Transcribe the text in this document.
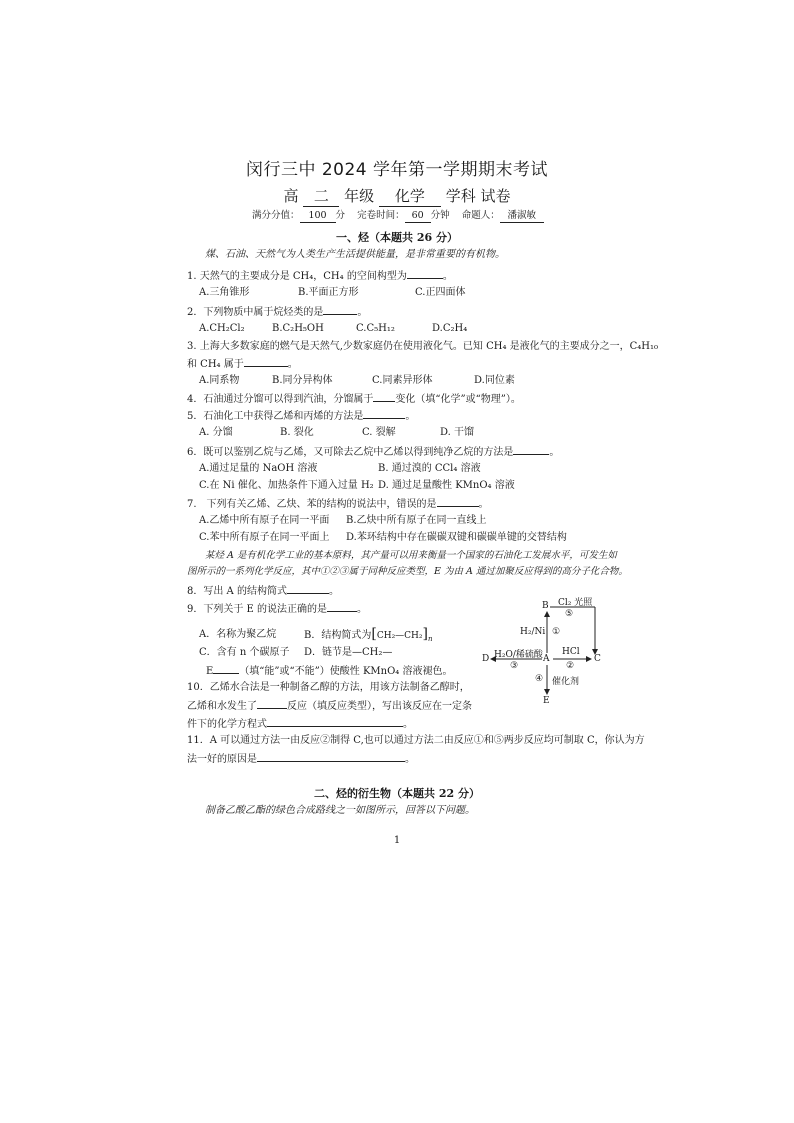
闵行三中 2024 学年第一学期期末考试
高 二 年级 化学 学科 试卷
满分分值： 100 分 完卷时间： 60 分钟 命题人： 潘淑敏
一、烃（本题共 26 分）
煤、石油、天然气为人类生产生活提供能量，是非常重要的有机物。
1. 天然气的主要成分是 CH₄，CH₄ 的空间构型为	。
A.三角锥形	B.平面正方形	C.正四面体
2．下列物质中属于烷烃类的是	。
A.CH₂Cl₂	B.C₂H₅OH	C.C₅H₁₂	D.C₂H₄
3. 上海大多数家庭的燃气是天然气,少数家庭仍在使用液化气。已知 CH₄ 是液化气的主要成分之一，C₄H₁₀
和 CH₄ 属于	。
A.同系物	B.同分异构体	C.同素异形体	D.同位素
4．石油通过分馏可以得到汽油，分馏属于 变化（填“化学”或“物理”）。
5．石油化工中获得乙烯和丙烯的方法是	。
A. 分馏	B. 裂化	C. 裂解	D. 干馏
6．既可以鉴别乙烷与乙烯，又可除去乙烷中乙烯以得到纯净乙烷的方法是	。
A.通过足量的 NaOH 溶液	B. 通过溴的 CCl₄ 溶液
C.在 Ni 催化、加热条件下通入过量 H₂ D. 通过足量酸性 KMnO₄ 溶液
7.　下列有关乙烯、乙炔、苯的结构的说法中，错误的是	。
A.乙烯中所有原子在同一平面 B.乙炔中所有原子在同一直线上
C.苯中所有原子在同一平面上 D.苯环结构中存在碳碳双键和碳碳单键的交替结构
某烃 A 是有机化学工业的基本原料，其产量可以用来衡量一个国家的石油化工发展水平，可发生如
图所示的一系列化学反应，其中①②③属于同种反应类型，E 为由 A 通过加聚反应得到的高分子化合物。
8．写出 A 的结构简式	。
9．下列关于 E 的说法正确的是	。
A．名称为聚乙烷	B．结构简式为$[CH_2—CH_2]_n$
C．含有 n 个碳原子 D．链节是—CH₂—
E	（填“能”或“不能”）使酸性 KMnO₄ 溶液褪色。
10．乙烯水合法是一种制备乙醇的方法，用该方法制备乙醇时，
乙烯和水发生了	反应（填反应类型），写出该反应在一定条
件下的化学方程式	。
11．A 可以通过方法一由反应②制得 C,也可以通过方法二由反应①和⑤两步反应均可制取 C，你认为方
法一好的原因是	。
B Cl₂ 光照
⑤
H₂/Ni ①
A	C
D
HCl
②
H₂O/稀硫酸
③
④ 催化剂
E
二、烃的衍生物（本题共 22 分）
制备乙酸乙酯的绿色合成路线之一如图所示，回答以下问题。
1
